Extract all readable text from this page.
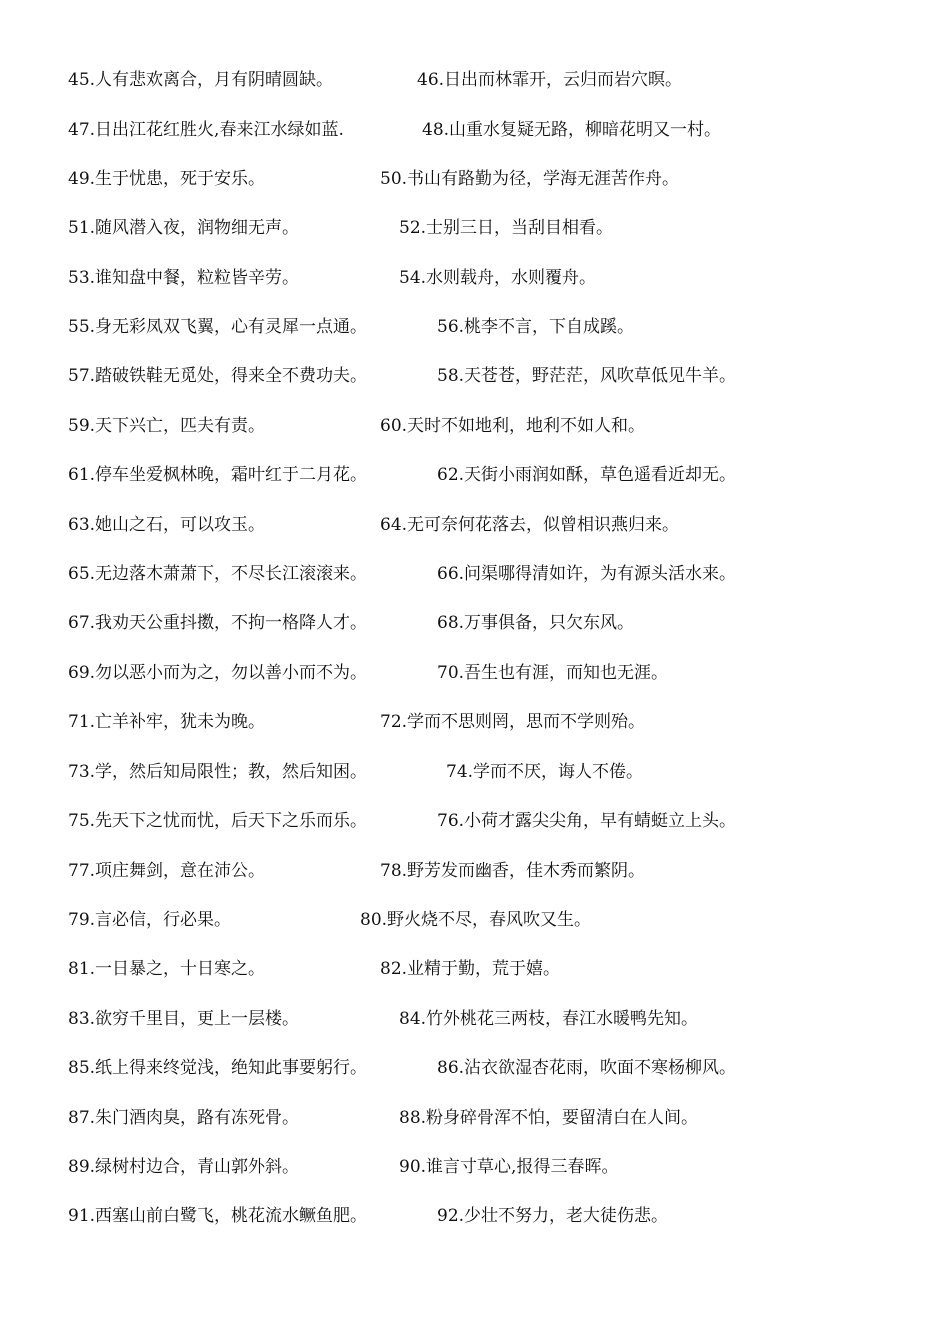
45.人有悲欢离合，月有阴晴圆缺。	46.日出而林霏开，云归而岩穴暝。
47.日出江花红胜火,春来江水绿如蓝.	48.山重水复疑无路，柳暗花明又一村。
49.生于忧患，死于安乐。	50.书山有路勤为径，学海无涯苦作舟。
51.随风潜入夜，润物细无声。	52.士别三日，当刮目相看。
53.谁知盘中餐，粒粒皆辛劳。	54.水则载舟，水则覆舟。
55.身无彩凤双飞翼，心有灵犀一点通。	56.桃李不言，下自成蹊。
57.踏破铁鞋无觅处，得来全不费功夫。	58.天苍苍，野茫茫，风吹草低见牛羊。
59.天下兴亡，匹夫有责。	60.天时不如地利，地利不如人和。
61.停车坐爱枫林晚，霜叶红于二月花。	62.天街小雨润如酥，草色遥看近却无。
63.她山之石，可以攻玉。	64.无可奈何花落去，似曾相识燕归来。
65.无边落木萧萧下，不尽长江滚滚来。	66.问渠哪得清如许，为有源头活水来。
67.我劝天公重抖擞，不拘一格降人才。	68.万事俱备，只欠东风。
69.勿以恶小而为之，勿以善小而不为。	70.吾生也有涯，而知也无涯。
71.亡羊补牢，犹未为晚。	72.学而不思则罔，思而不学则殆。
73.学，然后知局限性；教，然后知困。	74.学而不厌，诲人不倦。
75.先天下之忧而忧，后天下之乐而乐。	76.小荷才露尖尖角，早有蜻蜓立上头。
77.项庄舞剑，意在沛公。	78.野芳发而幽香，佳木秀而繁阴。
79.言必信，行必果。	80.野火烧不尽，春风吹又生。
81.一日暴之，十日寒之。	82.业精于勤，荒于嬉。
83.欲穷千里目，更上一层楼。	84.竹外桃花三两枝，春江水暖鸭先知。
85.纸上得来终觉浅，绝知此事要躬行。	86.沾衣欲湿杏花雨，吹面不寒杨柳风。
87.朱门酒肉臭，路有冻死骨。	88.粉身碎骨浑不怕，要留清白在人间。
89.绿树村边合，青山郭外斜。	90.谁言寸草心,报得三春晖。
91.西塞山前白鹭飞，桃花流水鳜鱼肥。	92.少壮不努力，老大徒伤悲。
